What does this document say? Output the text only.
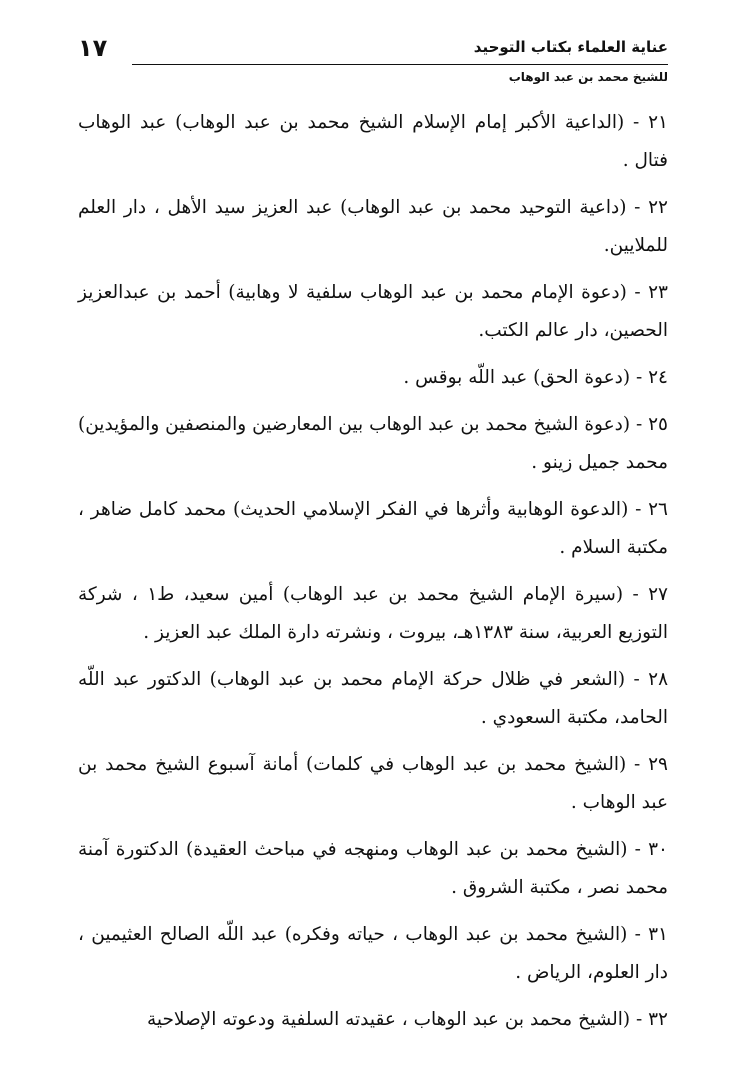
عناية العلماء بكتاب التوحيد
للشيخ محمد بن عبد الوهاب
١٧
٢١ - (الداعية الأكبر إمام الإسلام الشيخ محمد بن عبد الوهاب) عبد الوهاب فتال .
٢٢ - (داعية التوحيد محمد بن عبد الوهاب) عبد العزيز سيد الأهل ، دار العلم للملايين.
٢٣ - (دعوة الإمام محمد بن عبد الوهاب سلفية لا وهابية) أحمد بن عبدالعزيز الحصين، دار عالم الكتب.
٢٤ - (دعوة الحق) عبد اللّه بوقس .
٢٥ - (دعوة الشيخ محمد بن عبد الوهاب بين المعارضين والمنصفين والمؤيدين) محمد جميل زينو .
٢٦ - (الدعوة الوهابية وأثرها في الفكر الإسلامي الحديث) محمد كامل ضاهر ، مكتبة السلام .
٢٧ - (سيرة الإمام الشيخ محمد بن عبد الوهاب) أمين سعيد، ط١ ، شركة التوزيع العربية، سنة ١٣٨٣هـ، بيروت ، ونشرته دارة الملك عبد العزيز .
٢٨ - (الشعر في ظلال حركة الإمام محمد بن عبد الوهاب) الدكتور عبد اللّه الحامد، مكتبة السعودي .
٢٩ - (الشيخ محمد بن عبد الوهاب في كلمات) أمانة آسبوع الشيخ محمد بن عبد الوهاب .
٣٠ - (الشيخ محمد بن عبد الوهاب ومنهجه في مباحث العقيدة) الدكتورة آمنة محمد نصر ، مكتبة الشروق .
٣١ - (الشيخ محمد بن عبد الوهاب ، حياته وفكره) عبد اللّه الصالح العثيمين ، دار العلوم، الرياض .
٣٢ - (الشيخ محمد بن عبد الوهاب ، عقيدته السلفية ودعوته الإصلاحية
